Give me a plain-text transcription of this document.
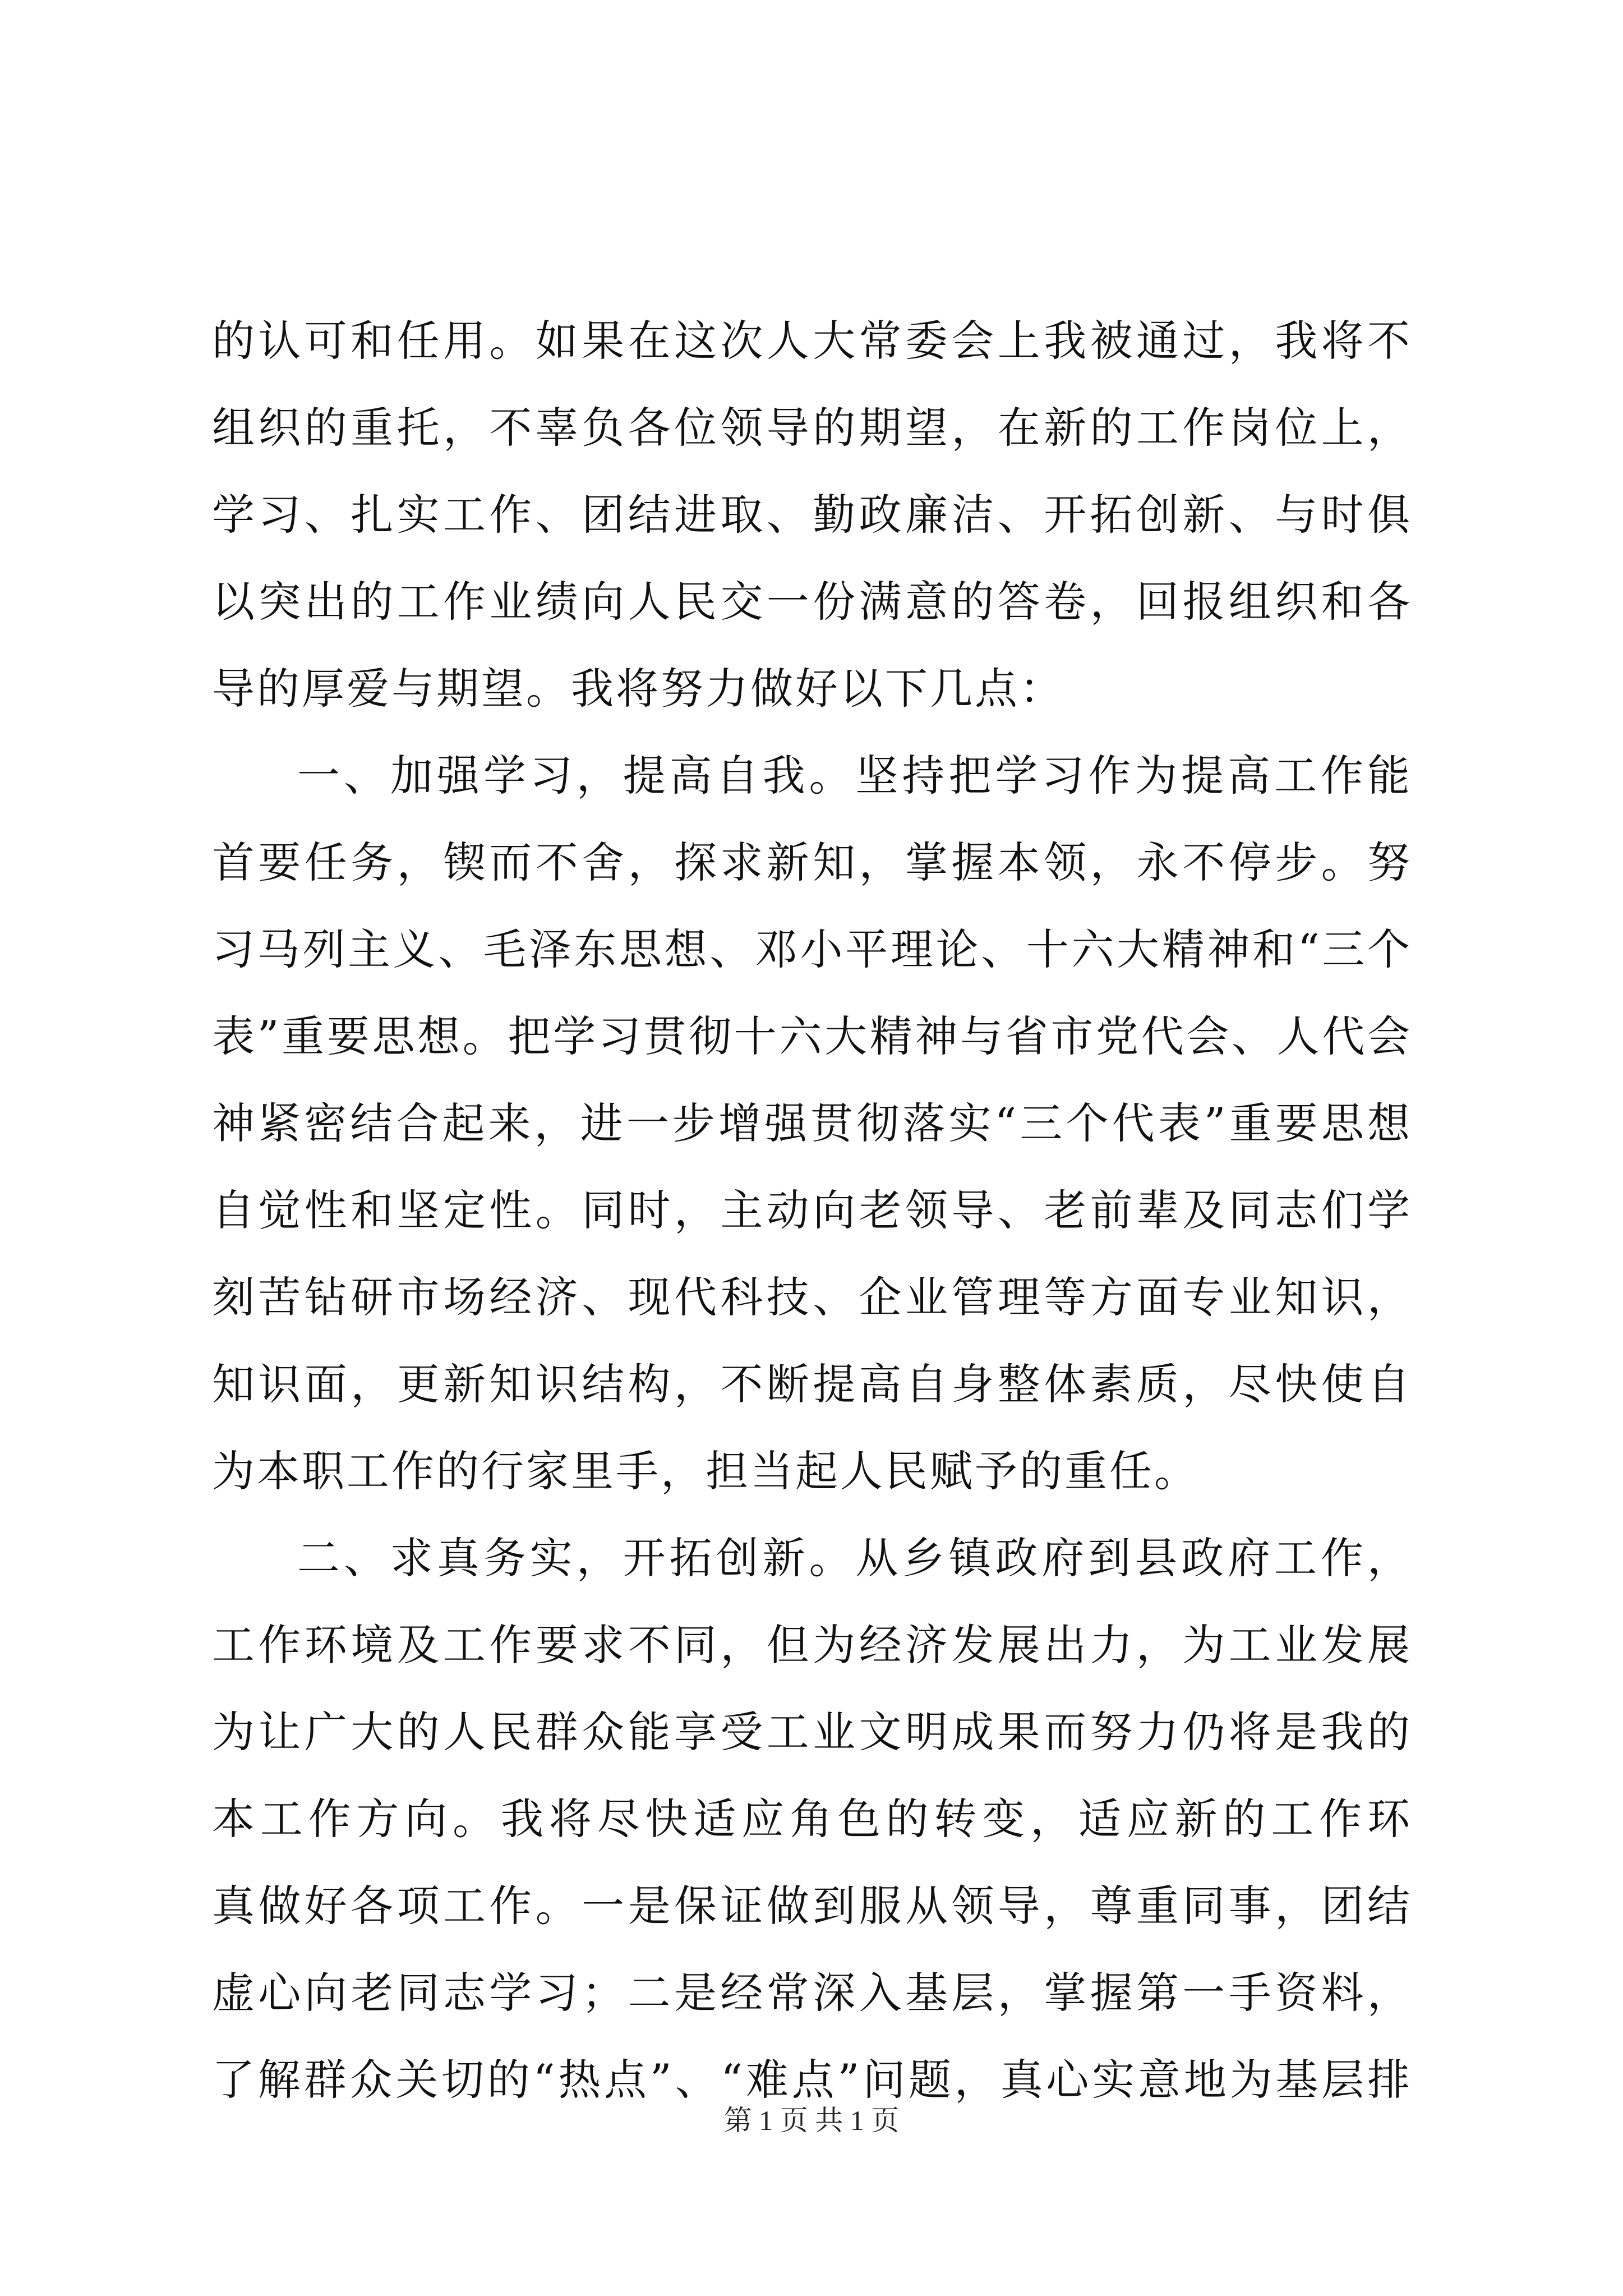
的认可和任用。如果在这次人大常委会上我被通过，我将不
组织的重托，不辜负各位领导的期望，在新的工作岗位上，
学习、扎实工作、团结进取、勤政廉洁、开拓创新、与时俱
以突出的工作业绩向人民交一份满意的答卷，回报组织和各
导的厚爱与期望。我将努力做好以下几点：
一、加强学习，提高自我。坚持把学习作为提高工作能
首要任务，锲而不舍，探求新知，掌握本领，永不停步。努
习马列主义、毛泽东思想、邓小平理论、十六大精神和“三个
表”重要思想。把学习贯彻十六大精神与省市党代会、人代会
神紧密结合起来，进一步增强贯彻落实“三个代表”重要思想
自觉性和坚定性。同时，主动向老领导、老前辈及同志们学
刻苦钻研市场经济、现代科技、企业管理等方面专业知识，
知识面，更新知识结构，不断提高自身整体素质，尽快使自
为本职工作的行家里手，担当起人民赋予的重任。
二、求真务实，开拓创新。从乡镇政府到县政府工作，
工作环境及工作要求不同，但为经济发展出力，为工业发展
为让广大的人民群众能享受工业文明成果而努力仍将是我的
本工作方向。我将尽快适应角色的转变，适应新的工作环
真做好各项工作。一是保证做到服从领导，尊重同事，团结
虚心向老同志学习；二是经常深入基层，掌握第一手资料，
了解群众关切的“热点”、“难点”问题，真心实意地为基层排
第 1 页 共 1 页
